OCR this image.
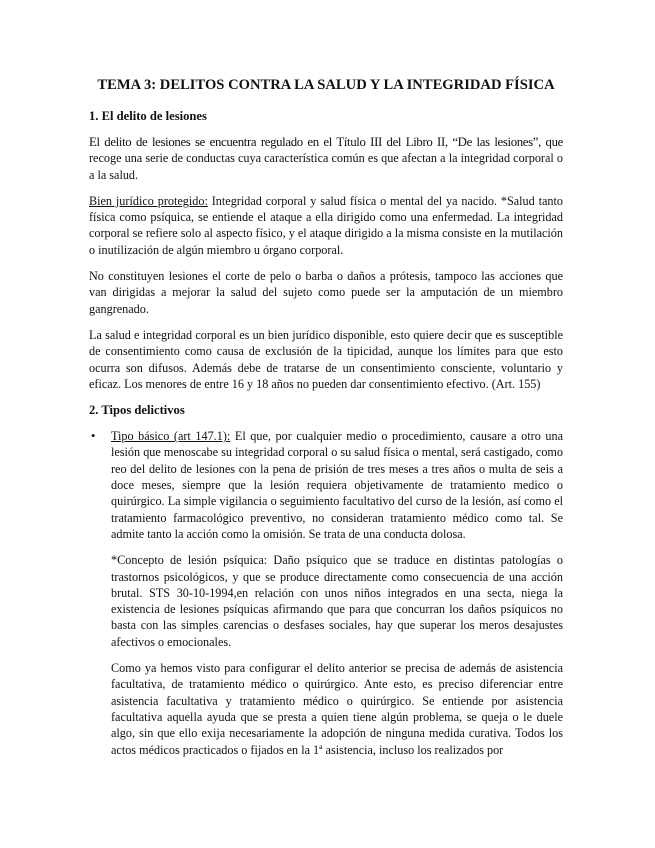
TEMA 3: DELITOS CONTRA LA SALUD Y LA INTEGRIDAD FÍSICA
1. El delito de lesiones

El delito de lesiones se encuentra regulado en el Título III del Libro II, “De las lesiones”, que recoge una serie de conductas cuya característica común es que afectan a la integridad corporal o a la salud.

Bien jurídico protegido: Integridad corporal y salud física o mental del ya nacido. *Salud tanto física como psíquica, se entiende el ataque a ella dirigido como una enfermedad. La integridad corporal se refiere solo al aspecto físico, y el ataque dirigido a la misma consiste en la mutilación o inutilización de algún miembro u órgano corporal.

No constituyen lesiones el corte de pelo o barba o daños a prótesis, tampoco las acciones que van dirigidas a mejorar la salud del sujeto como puede ser la amputación de un miembro gangrenado.

La salud e integridad corporal es un bien jurídico disponible, esto quiere decir que es susceptible de consentimiento como causa de exclusión de la tipicidad, aunque los límites para que esto ocurra son difusos. Además debe de tratarse de un consentimiento consciente, voluntario y eficaz. Los menores de entre 16 y 18 años no pueden dar consentimiento efectivo. (Art. 155)

2. Tipos delictivos
• Tipo básico (art 147.1): El que, por cualquier medio o procedimiento, causare a otro una lesión que menoscabe su integridad corporal o su salud física o mental, será castigado, como reo del delito de lesiones con la pena de prisión de tres meses a tres años o multa de seis a doce meses, siempre que la lesión requiera objetivamente de tratamiento medico o quirúrgico. La simple vigilancia o seguimiento facultativo del curso de la lesión, así como el tratamiento farmacológico preventivo, no consideran tratamiento médico como tal. Se admite tanto la acción como la omisión. Se trata de una conducta dolosa.

*Concepto de lesión psíquica: Daño psíquico que se traduce en distintas patologías o trastornos psicológicos, y que se produce directamente como consecuencia de una acción brutal. STS 30-10-1994,en relación con unos niños integrados en una secta, niega la existencia de lesiones psíquicas afirmando que para que concurran los daños psíquicos no basta con las simples carencias o desfases sociales, hay que superar los meros desajustes afectivos o emocionales.

Como ya hemos visto para configurar el delito anterior se precisa de además de asistencia facultativa, de tratamiento médico o quirúrgico. Ante esto, es preciso diferenciar entre asistencia facultativa y tratamiento médico o quirúrgico. Se entiende por asistencia facultativa aquella ayuda que se presta a quien tiene algún problema, se queja o le duele algo, sin que ello exija necesariamente la adopción de ninguna medida curativa. Todos los actos médicos practicados o fijados en la 1ª asistencia, incluso los realizados por
